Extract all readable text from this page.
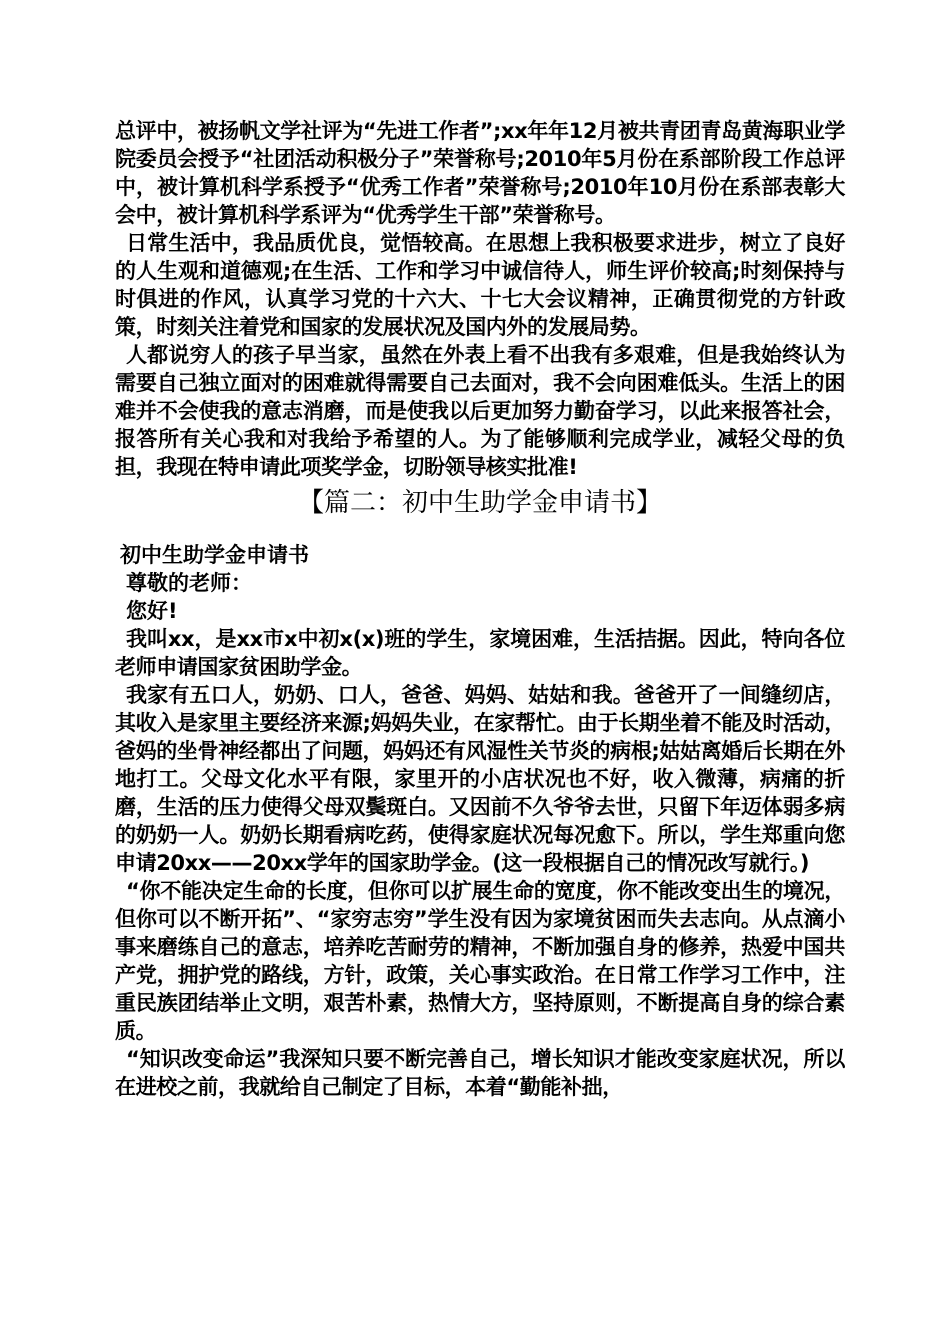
总评中，被扬帆文学社评为“先进工作者”;xx年年12月被共青团青岛黄海职业学院委员会授予“社团活动积极分子”荣誉称号;2010年5月份在系部阶段工作总评中，被计算机科学系授予“优秀工作者”荣誉称号;2010年10月份在系部表彰大会中，被计算机科学系评为“优秀学生干部”荣誉称号。

日常生活中，我品质优良，觉悟较高。在思想上我积极要求进步，树立了良好的人生观和道德观;在生活、工作和学习中诚信待人，师生评价较高;时刻保持与时俱进的作风，认真学习党的十六大、十七大会议精神，正确贯彻党的方针政策，时刻关注着党和国家的发展状况及国内外的发展局势。

人都说穷人的孩子早当家，虽然在外表上看不出我有多艰难，但是我始终认为需要自己独立面对的困难就得需要自己去面对，我不会向困难低头。生活上的困难并不会使我的意志消磨，而是使我以后更加努力勤奋学习，以此来报答社会，报答所有关心我和对我给予希望的人。为了能够顺利完成学业，减轻父母的负担，我现在特申请此项奖学金，切盼领导核实批准!

【篇二：初中生助学金申请书】

初中生助学金申请书

尊敬的老师：

您好!

我叫xx，是xx市x中初x(x)班的学生，家境困难，生活拮据。因此，特向各位老师申请国家贫困助学金。

我家有五口人，奶奶、口人，爸爸、妈妈、姑姑和我。爸爸开了一间缝纫店，其收入是家里主要经济来源;妈妈失业，在家帮忙。由于长期坐着不能及时活动，爸妈的坐骨神经都出了问题，妈妈还有风湿性关节炎的病根;姑姑离婚后长期在外地打工。父母文化水平有限，家里开的小店状况也不好，收入微薄，病痛的折磨，生活的压力使得父母双鬓斑白。又因前不久爷爷去世，只留下年迈体弱多病的奶奶一人。奶奶长期看病吃药，使得家庭状况每况愈下。所以，学生郑重向您申请20xx——20xx学年的国家助学金。(这一段根据自己的情况改写就行。)

“你不能决定生命的长度，但你可以扩展生命的宽度，你不能改变出生的境况，但你可以不断开拓”、“家穷志穷”学生没有因为家境贫困而失去志向。从点滴小事来磨练自己的意志，培养吃苦耐劳的精神，不断加强自身的修养，热爱中国共产党，拥护党的路线，方针，政策，关心事实政治。在日常工作学习工作中，注重民族团结举止文明，艰苦朴素，热情大方，坚持原则，不断提高自身的综合素质。

“知识改变命运”我深知只要不断完善自己，增长知识才能改变家庭状况，所以在进校之前，我就给自己制定了目标，本着“勤能补拙，
